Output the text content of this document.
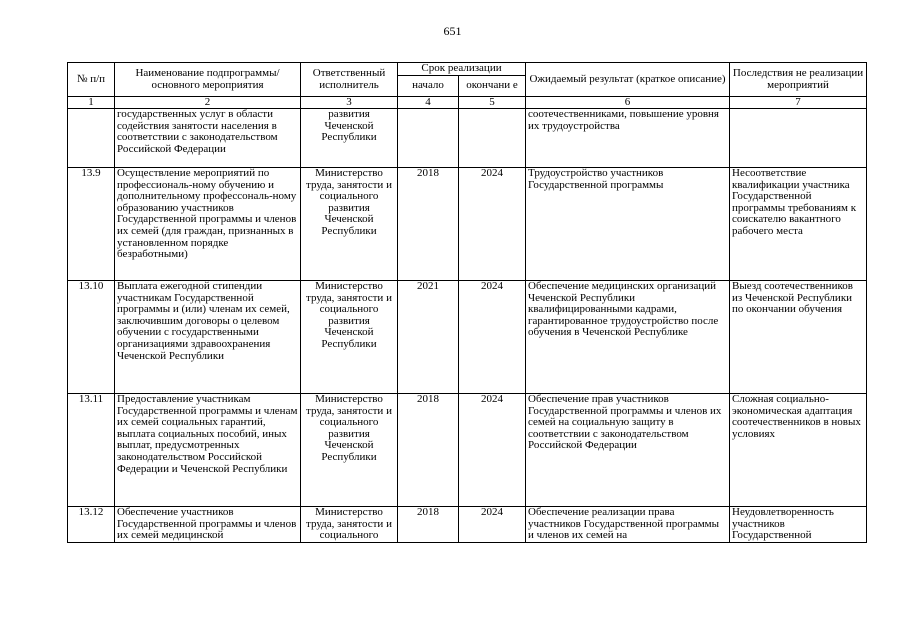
651
№ п/п	Наименование подпрограммы/ основного мероприятия	Ответственный исполнитель	Срок реализации		Ожидаемый результат (краткое описание)	Последствия не реализации мероприятий
			начало	окончани е		
1	2	3	4	5	6	7
	государственных услуг в области содействия занятости населения в соответствии с законодательством Российской Федерации	развития Чеченской Республики			соотечественниками, повышение уровня их трудоустройства	
13.9	Осуществление мероприятий по профессиональ-ному обучению и дополнительному профессональ-ному образованию участников Государственной программы и членов их семей (для граждан, признанных в установленном порядке безработными)	Министерство труда, занятости и социального развития Чеченской Республики	2018	2024	Трудоустройство участников Государственной программы	Несоответствие квалификации участника Государственной программы требованиям к соискателю вакантного рабочего места
13.10	Выплата ежегодной стипендии участникам Государственной программы и (или) членам их семей, заключившим договоры о целевом обучении с государственными организациями здравоохранения Чеченской Республики	Министерство труда, занятости и социального развития Чеченской Республики	2021	2024	Обеспечение медицинских организаций Чеченской Республики квалифицированными кадрами, гарантированное трудоустройство после обучения в Чеченской Республике	Выезд соотечественников из Чеченской Республики по окончании обучения
13.11	Предоставление участникам Государственной программы и членам их семей социальных гарантий, выплата социальных пособий, иных выплат, предусмотренных законодательством Российской Федерации и Чеченской Республики	Министерство труда, занятости и социального развития Чеченской Республики	2018	2024	Обеспечение прав участников Государственной программы и членов их семей на социальную защиту в соответствии с законодательством Российской Федерации	Сложная социально-экономическая адаптация соотечественников в новых условиях
13.12	Обеспечение участников Государственной программы и членов их семей медицинской	Министерство труда, занятости и социального	2018	2024	Обеспечение реализации права участников Государственной программы и членов их семей на	Неудовлетворенность участников Государственной
